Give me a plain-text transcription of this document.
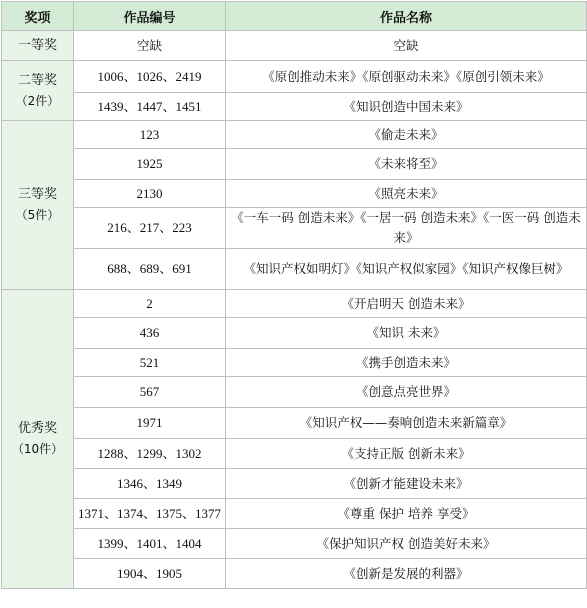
奖项	作品编号	作品名称
一等奖	空缺	空缺
二等奖
（2件）	1006、1026、2419	《原创推动未来》《原创驱动未来》《原创引领未来》
	1439、1447、1451	《知识创造中国未来》
三等奖
（5件）	123	《偷走未来》
	1925	《未来将至》
	2130	《照亮未来》
	216、217、223	《一车一码 创造未来》《一居一码 创造未来》《一医一码 创造未来》
	688、689、691	《知识产权如明灯》《知识产权似家园》《知识产权像巨树》
优秀奖
（10件）	2	《开启明天 创造未来》
	436	《知识 未来》
	521	《携手创造未来》
	567	《创意点亮世界》
	1971	《知识产权——奏响创造未来新篇章》
	1288、1299、1302	《支持正版 创新未来》
	1346、1349	《创新才能建设未来》
	1371、1374、1375、1377	《尊重 保护 培养 享受》
	1399、1401、1404	《保护知识产权 创造美好未来》
	1904、1905	《创新是发展的利器》
